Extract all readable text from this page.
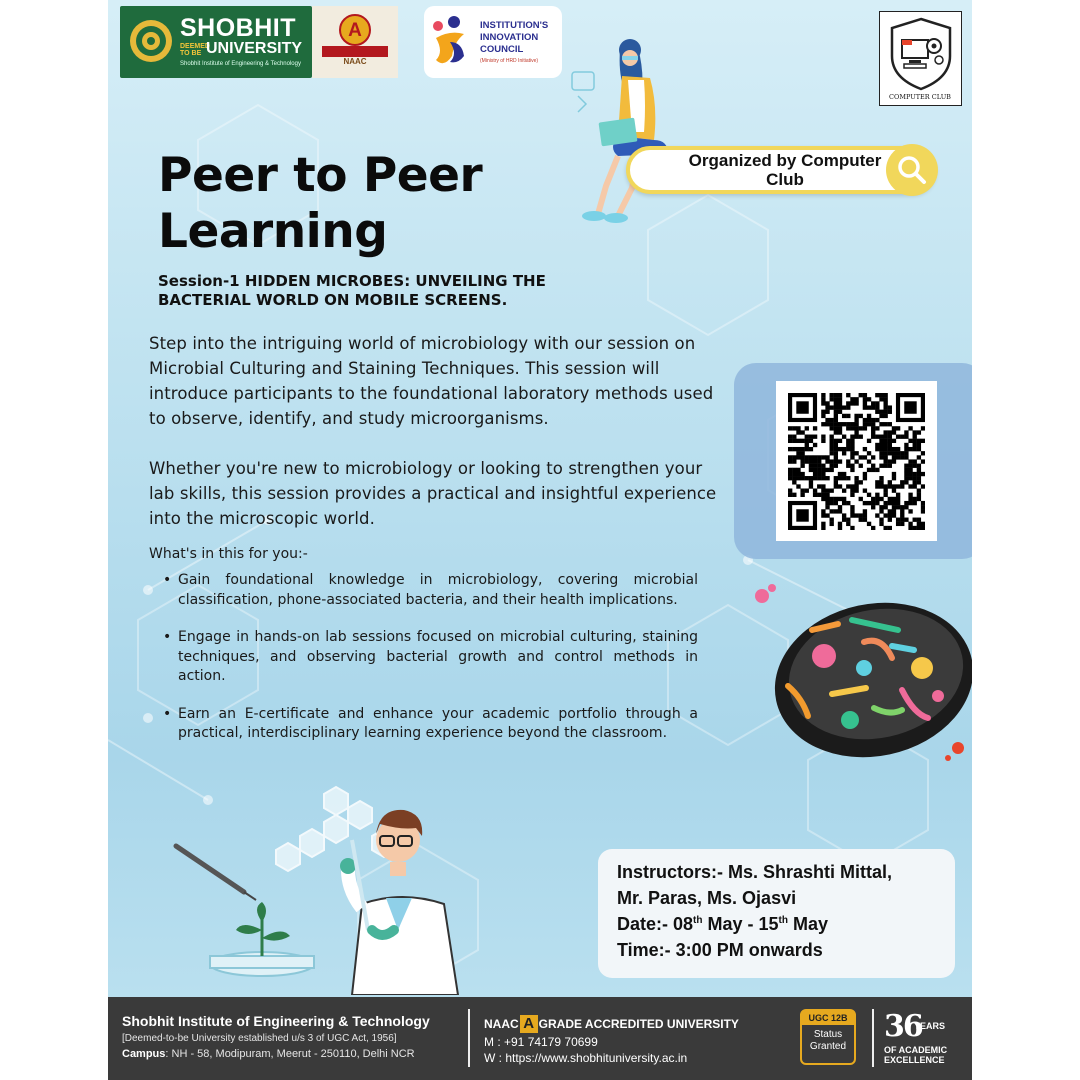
SHOBHIT
DEEMED TO BE UNIVERSITY
Shobhit Institute of Engineering & Technology
A
NAAC
INSTITUTION'S INNOVATION COUNCIL
(Ministry of HRD Initiative)
COMPUTER CLUB
Organized by Computer Club
Peer to Peer Learning
Session-1 HIDDEN MICROBES: UNVEILING THE BACTERIAL WORLD ON MOBILE SCREENS.
Step into the intriguing world of microbiology with our session on Microbial Culturing and Staining Techniques. This session will introduce participants to the foundational laboratory methods used to observe, identify, and study microorganisms.
Whether you're new to microbiology or looking to strengthen your lab skills, this session provides a practical and insightful experience into the microscopic world.
What's in this for you:-
• Gain foundational knowledge in microbiology, covering microbial classification, phone-associated bacteria, and their health implications.
• Engage in hands-on lab sessions focused on microbial culturing, staining techniques, and observing bacterial growth and control methods in action.
• Earn an E-certificate and enhance your academic portfolio through a practical, interdisciplinary learning experience beyond the classroom.
Instructors:- Ms. Shrashti Mittal,
Mr. Paras, Ms. Ojasvi
Date:- 08th May - 15th May
Time:- 3:00 PM onwards
Shobhit Institute of Engineering & Technology
[Deemed-to-be University established u/s 3 of UGC Act, 1956]
Campus: NH - 58, Modipuram, Meerut - 250110, Delhi NCR
NAAC A GRADE ACCREDITED UNIVERSITY
M : +91 74179 70699
W : https://www.shobhituniversity.ac.in
UGC 12B
Status
Granted
36
YEARS
OF ACADEMIC EXCELLENCE
